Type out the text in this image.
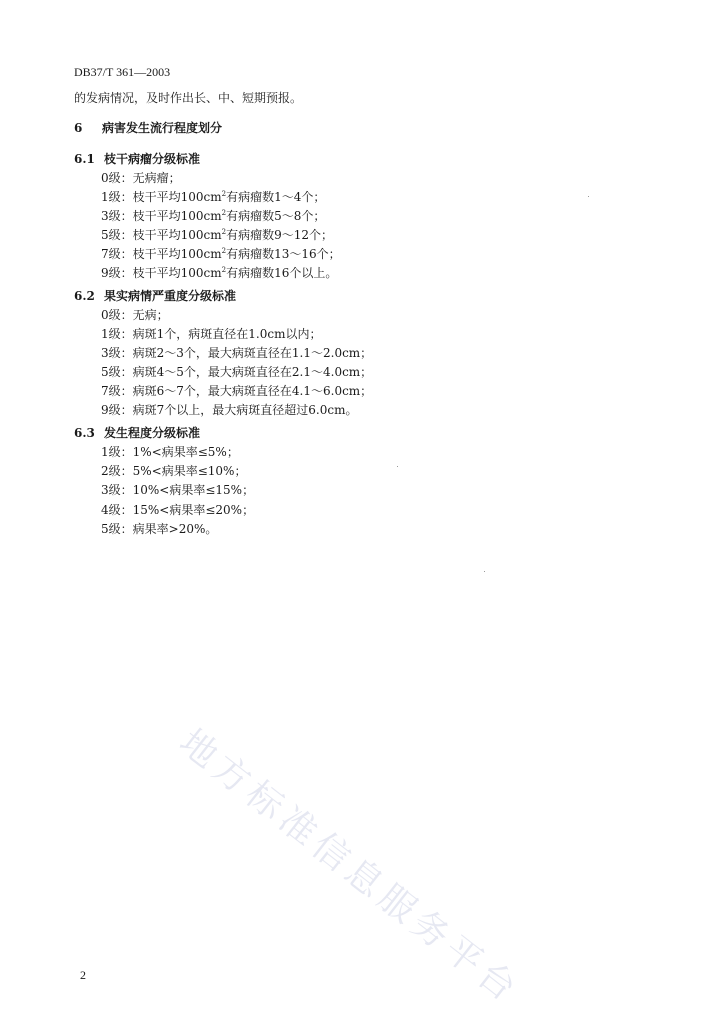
DB37/T 361—2003
的发病情况，及时作出长、中、短期预报。
6 病害发生流行程度划分
6.1 枝干病瘤分级标准
0级：无病瘤；
1级：枝干平均$100cm^2$有病瘤数1～4个；
3级：枝干平均$100cm^2$有病瘤数5～8个；
5级：枝干平均$100cm^2$有病瘤数9～12个；
7级：枝干平均$100cm^2$有病瘤数13～16个；
9级：枝干平均$100cm^2$有病瘤数16个以上。
6.2 果实病情严重度分级标准
0级：无病；
1级：病斑1个，病斑直径在1.0cm以内；
3级：病斑2～3个，最大病斑直径在1.1～2.0cm；
5级：病斑4～5个，最大病斑直径在2.1～4.0cm；
7级：病斑6～7个，最大病斑直径在4.1～6.0cm；
9级：病斑7个以上，最大病斑直径超过6.0cm。
6.3 发生程度分级标准
1级：1%<病果率≤5%；
2级：5%<病果率≤10%；
3级：10%<病果率≤15%；
4级：15%<病果率≤20%；
5级：病果率>20%。
地方标准信息服务平台
2
